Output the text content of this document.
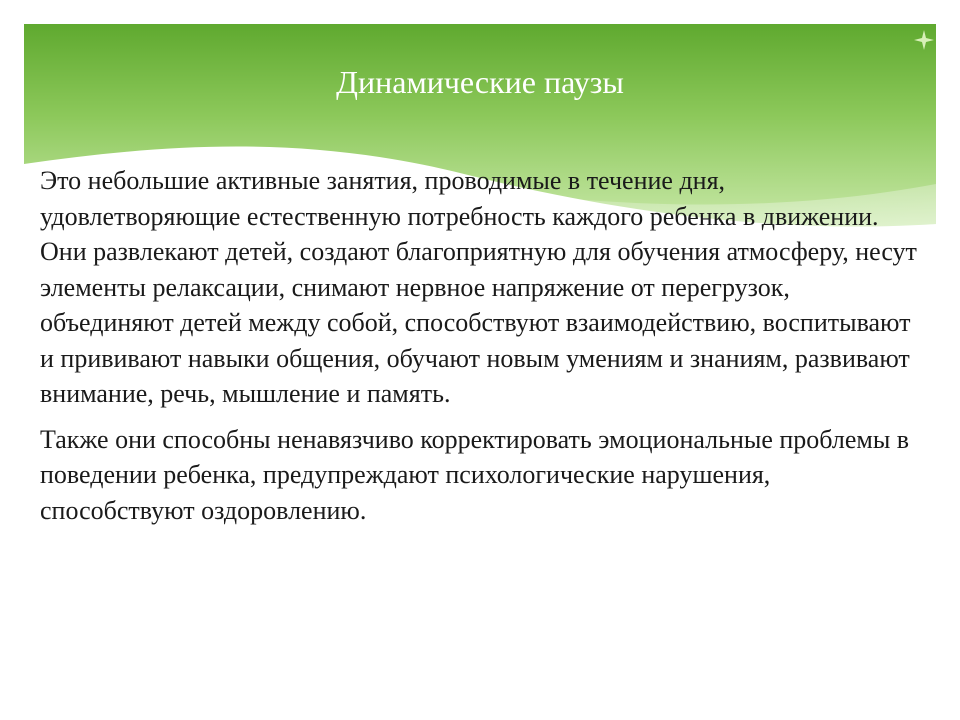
Динамические паузы

Это небольшие активные занятия, проводимые в течение дня, удовлетворяющие естественную потребность каждого ребенка в движении. Они развлекают детей, создают благоприятную для обучения атмосферу, несут элементы релаксации, снимают нервное напряжение от перегрузок, объединяют детей между собой, способствуют взаимодействию, воспитывают и прививают навыки общения, обучают новым умениям и знаниям, развивают внимание, речь, мышление и память.

Также они способны ненавязчиво корректировать эмоциональные проблемы в поведении ребенка, предупреждают психологические нарушения, способствуют оздоровлению.
